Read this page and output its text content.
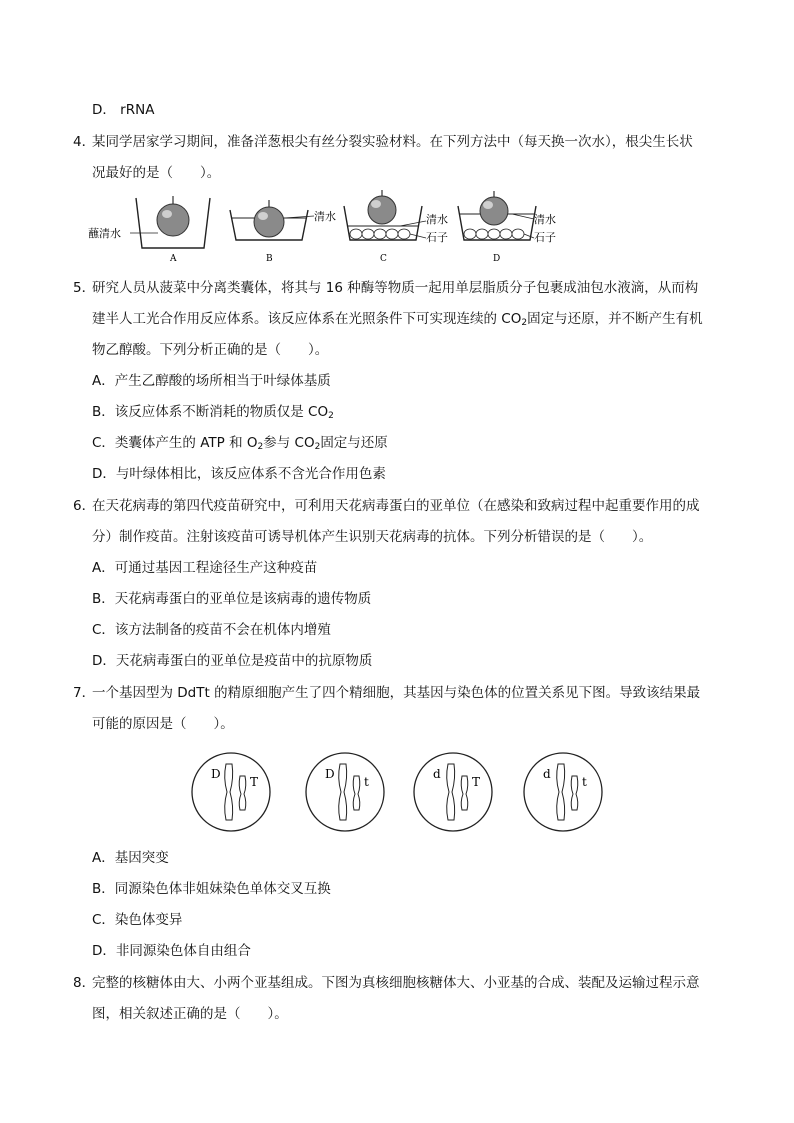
D． rRNA
4．
某同学居家学习期间，准备洋葱根尖有丝分裂实验材料。在下列方法中（每天换一次水），根尖生长状
况最好的是（　　）。
蘸清水
A
清水
B
清水
石子
C
清水
石子
D
5．
研究人员从菠菜中分离类囊体，将其与 16 种酶等物质一起用单层脂质分子包裹成油包水液滴，从而构
建半人工光合作用反应体系。该反应体系在光照条件下可实现连续的 $CO_2$固定与还原，并不断产生有机
物乙醇酸。下列分析正确的是（　　）。
A．产生乙醇酸的场所相当于叶绿体基质
B．该反应体系不断消耗的物质仅是 $CO_2$
C．类囊体产生的 ATP 和 $O_2$参与 $CO_2$固定与还原
D．与叶绿体相比，该反应体系不含光合作用色素
6．
在天花病毒的第四代疫苗研究中，可利用天花病毒蛋白的亚单位（在感染和致病过程中起重要作用的成
分）制作疫苗。注射该疫苗可诱导机体产生识别天花病毒的抗体。下列分析错误的是（　　）。
A．可通过基因工程途径生产这种疫苗
B．天花病毒蛋白的亚单位是该病毒的遗传物质
C．该方法制备的疫苗不会在机体内增殖
D．天花病毒蛋白的亚单位是疫苗中的抗原物质
7．
一个基因型为 DdTt 的精原细胞产生了四个精细胞，其基因与染色体的位置关系见下图。导致该结果最
可能的原因是（　　）。
D
T
D
t
d
T
d
t
A．基因突变
B．同源染色体非姐妹染色单体交叉互换
C．染色体变异
D．非同源染色体自由组合
8．
完整的核糖体由大、小两个亚基组成。下图为真核细胞核糖体大、小亚基的合成、装配及运输过程示意
图，相关叙述正确的是（　　）。
